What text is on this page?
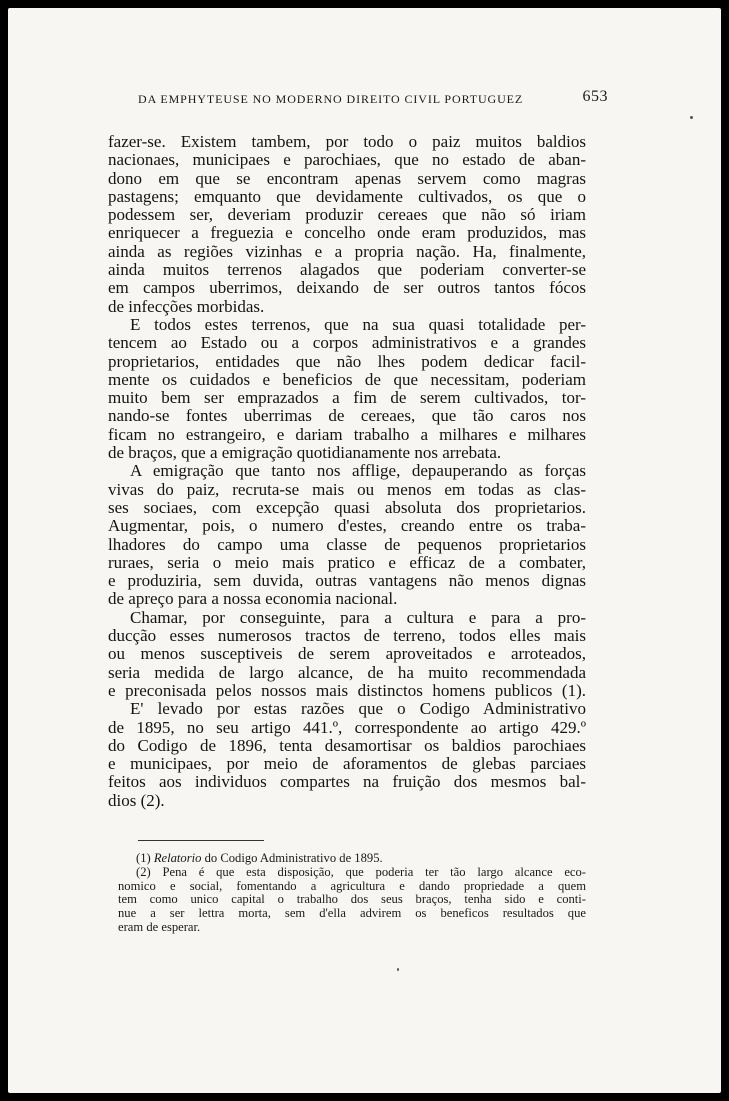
DA EMPHYTEUSE NO MODERNO DIREITO CIVIL PORTUGUEZ	653
fazer-se. Existem tambem, por todo o paiz muitos baldios
nacionaes, municipaes e parochiaes, que no estado de aban-
dono em que se encontram apenas servem como magras
pastagens; emquanto que devidamente cultivados, os que o
podessem ser, deveriam produzir cereaes que não só iriam
enriquecer a freguezia e concelho onde eram produzidos, mas
ainda as regiões vizinhas e a propria nação. Ha, finalmente,
ainda muitos terrenos alagados que poderiam converter-se
em campos uberrimos, deixando de ser outros tantos fócos
de infecções morbidas.
E todos estes terrenos, que na sua quasi totalidade per-
tencem ao Estado ou a corpos administrativos e a grandes
proprietarios, entidades que não lhes podem dedicar facil-
mente os cuidados e beneficios de que necessitam, poderiam
muito bem ser emprazados a fim de serem cultivados, tor-
nando-se fontes uberrimas de cereaes, que tão caros nos
ficam no estrangeiro, e dariam trabalho a milhares e milhares
de braços, que a emigração quotidianamente nos arrebata.
A emigração que tanto nos afflige, depauperando as forças
vivas do paiz, recruta-se mais ou menos em todas as clas-
ses sociaes, com excepção quasi absoluta dos proprietarios.
Augmentar, pois, o numero d'estes, creando entre os traba-
lhadores do campo uma classe de pequenos proprietarios
ruraes, seria o meio mais pratico e efficaz de a combater,
e produziria, sem duvida, outras vantagens não menos dignas
de apreço para a nossa economia nacional.
Chamar, por conseguinte, para a cultura e para a pro-
ducção esses numerosos tractos de terreno, todos elles mais
ou menos susceptiveis de serem aproveitados e arroteados,
seria medida de largo alcance, de ha muito recommendada
e preconisada pelos nossos mais distinctos homens publicos (1).
E' levado por estas razões que o Codigo Administrativo
de 1895, no seu artigo 441.º, correspondente ao artigo 429.º
do Codigo de 1896, tenta desamortisar os baldios parochiaes
e municipaes, por meio de aforamentos de glebas parciaes
feitos aos individuos compartes na fruição dos mesmos bal-
dios (2).
(1) Relatorio do Codigo Administrativo de 1895.
(2) Pena é que esta disposição, que poderia ter tão largo alcance eco-
nomico e social, fomentando a agricultura e dando propriedade a quem
tem como unico capital o trabalho dos seus braços, tenha sido e conti-
nue a ser lettra morta, sem d'ella advirem os beneficos resultados que
eram de esperar.
